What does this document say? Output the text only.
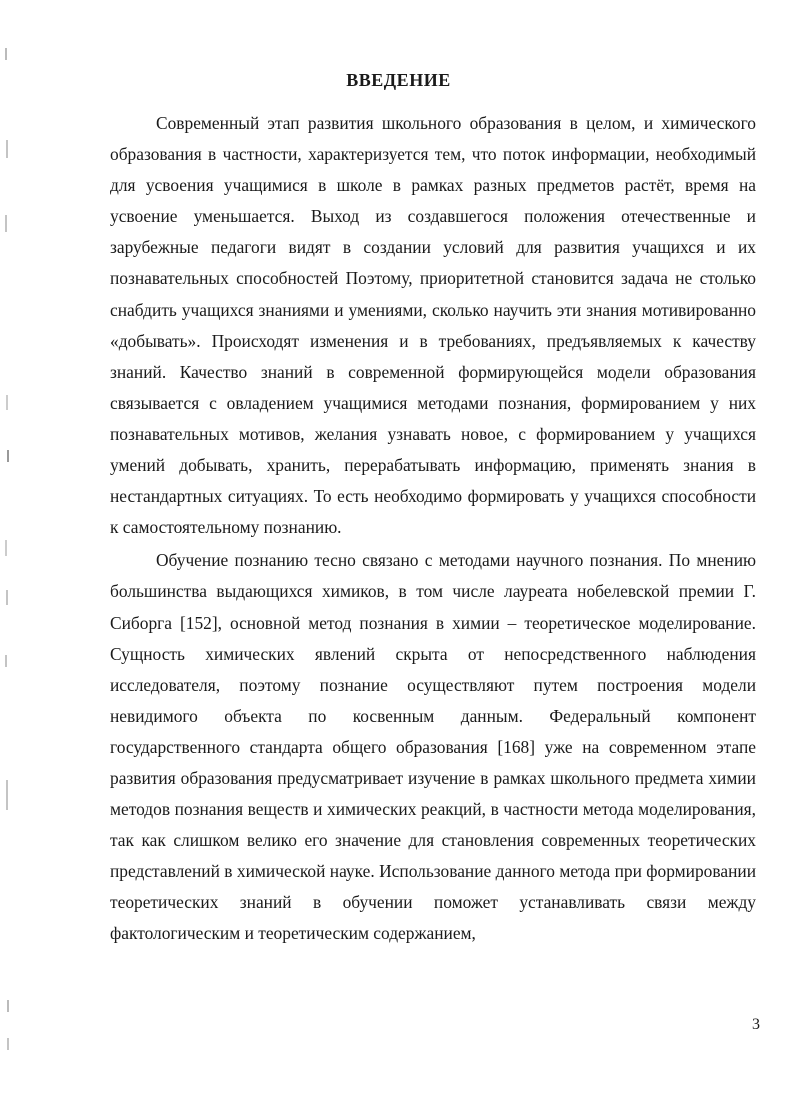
ВВЕДЕНИЕ

Современный этап развития школьного образования в целом, и химического образования в частности, характеризуется тем, что поток информации, необходимый для усвоения учащимися в школе в рамках разных предметов растёт, время на усвоение уменьшается. Выход из создавшегося положения отечественные и зарубежные педагоги видят в создании условий для развития учащихся и их познавательных способностей Поэтому, приоритетной становится задача не столько снабдить учащихся знаниями и умениями, сколько научить эти знания мотивированно «добывать». Происходят изменения и в требованиях, предъявляемых к качеству знаний. Качество знаний в современной формирующейся модели образования связывается с овладением учащимися методами познания, формированием у них познавательных мотивов, желания узнавать новое, с формированием у учащихся умений добывать, хранить, перерабатывать информацию, применять знания в нестандартных ситуациях. То есть необходимо формировать у учащихся способности к самостоятельному познанию.

Обучение познанию тесно связано с методами научного познания. По мнению большинства выдающихся химиков, в том числе лауреата нобелевской премии Г. Сиборга [152], основной метод познания в химии – теоретическое моделирование. Сущность химических явлений скрыта от непосредственного наблюдения исследователя, поэтому познание осуществляют путем построения модели невидимого объекта по косвенным данным. Федеральный компонент государственного стандарта общего образования [168] уже на современном этапе развития образования предусматривает изучение в рамках школьного предмета химии методов познания веществ и химических реакций, в частности метода моделирования, так как слишком велико его значение для становления современных теоретических представлений в химической науке. Использование данного метода при формировании теоретических знаний в обучении поможет устанавливать связи между фактологическим и теоретическим содержанием,

3
